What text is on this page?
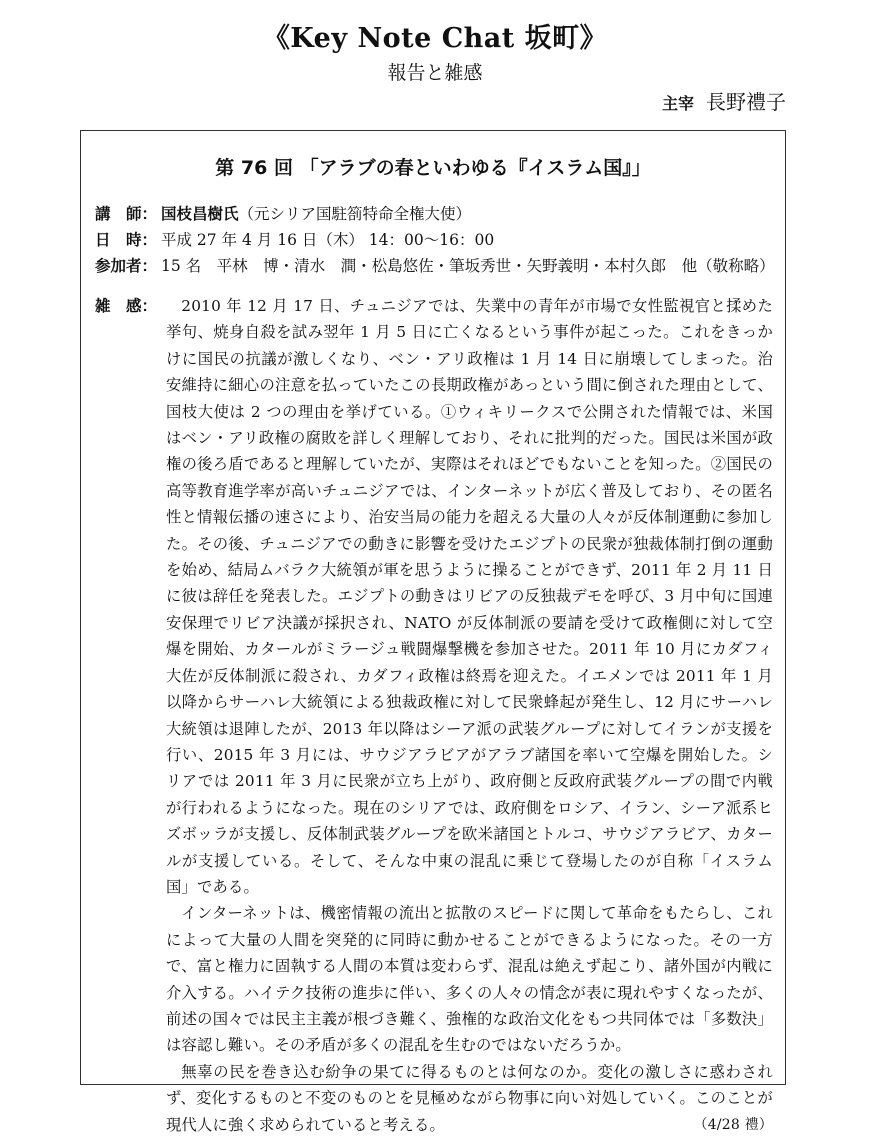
《Key Note Chat 坂町》
報告と雑感
主宰 長野禮子
第 76 回 「アラブの春といわゆる『イスラム国』」
講　師： 国枝昌樹氏 （元シリア国駐箚特命全権大使）
日　時： 平成 27 年 4 月 16 日（木） 14：00〜16：00
参加者： 15 名　平林　博・清水　澗・松島悠佐・筆坂秀世・矢野義明・本村久郎　他（敬称略）
雑　感：	2010 年 12 月 17 日、チュニジアでは、失業中の青年が市場で女性監視官と揉めた挙句、焼身自殺を試み翌年 1 月 5 日に亡くなるという事件が起こった。これをきっかけに国民の抗議が激しくなり、ベン・アリ政権は 1 月 14 日に崩壊してしまった。治安維持に細心の注意を払っていたこの長期政権があっという間に倒された理由として、国枝大使は 2 つの理由を挙げている。①ウィキリークスで公開された情報では、米国はベン・アリ政権の腐敗を詳しく理解しており、それに批判的だった。国民は米国が政権の後ろ盾であると理解していたが、実際はそれほどでもないことを知った。②国民の高等教育進学率が高いチュニジアでは、インターネットが広く普及しており、その匿名性と情報伝播の速さにより、治安当局の能力を超える大量の人々が反体制運動に参加した。その後、チュニジアでの動きに影響を受けたエジプトの民衆が独裁体制打倒の運動を始め、結局ムバラク大統領が軍を思うように操ることができず、2011 年 2 月 11 日に彼は辞任を発表した。エジプトの動きはリビアの反独裁デモを呼び、3 月中旬に国連安保理でリビア決議が採択され、NATO が反体制派の要請を受けて政権側に対して空爆を開始、カタールがミラージュ戦闘爆撃機を参加させた。2011 年 10 月にカダフィ大佐が反体制派に殺され、カダフィ政権は終焉を迎えた。イエメンでは 2011 年 1 月以降からサーハレ大統領による独裁政権に対して民衆蜂起が発生し、12 月にサーハレ大統領は退陣したが、2013 年以降はシーア派の武装グループに対してイランが支援を行い、2015 年 3 月には、サウジアラビアがアラブ諸国を率いて空爆を開始した。シリアでは 2011 年 3 月に民衆が立ち上がり、政府側と反政府武装グループの間で内戦が行われるようになった。現在のシリアでは、政府側をロシア、イラン、シーア派系ヒズボッラが支援し、反体制武装グループを欧米諸国とトルコ、サウジアラビア、カタールが支援している。そして、そんな中東の混乱に乗じて登場したのが自称「イスラム国」である。

インターネットは、機密情報の流出と拡散のスピードに関して革命をもたらし、これによって大量の人間を突発的に同時に動かせることができるようになった。その一方で、富と権力に固執する人間の本質は変わらず、混乱は絶えず起こり、諸外国が内戦に介入する。ハイテク技術の進歩に伴い、多くの人々の情念が表に現れやすくなったが、前述の国々では民主主義が根づき難く、強権的な政治文化をもつ共同体では「多数決」は容認し難い。その矛盾が多くの混乱を生むのではないだろうか。

無辜の民を巻き込む紛争の果てに得るものとは何なのか。変化の激しさに惑わされず、変化するものと不変のものとを見極めながら物事に向い対処していく。このことが現代人に強く求められていると考える。	（4/28 禮）
